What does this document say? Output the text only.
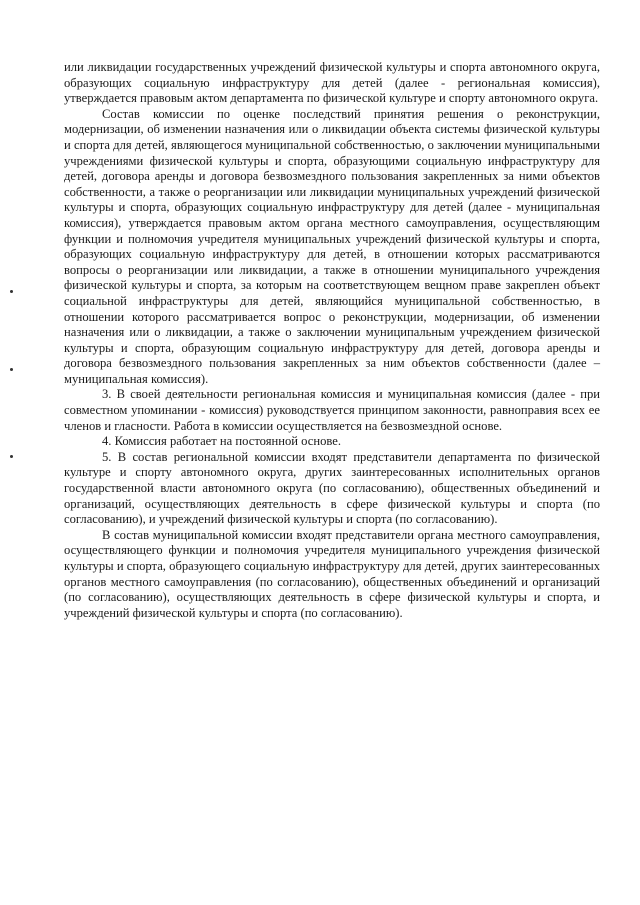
или ликвидации государственных учреждений физической культуры и спорта автономного округа, образующих социальную инфраструктуру для детей (далее - региональная комиссия), утверждается правовым актом департамента по физической культуре и спорту автономного округа.

Состав комиссии по оценке последствий принятия решения о реконструкции, модернизации, об изменении назначения или о ликвидации объекта системы физической культуры и спорта для детей, являющегося муниципальной собственностью, о заключении муниципальными учреждениями физической культуры и спорта, образующими социальную инфраструктуру для детей, договора аренды и договора безвозмездного пользования закрепленных за ними объектов собственности, а также о реорганизации или ликвидации муниципальных учреждений физической культуры и спорта, образующих социальную инфраструктуру для детей (далее - муниципальная комиссия), утверждается правовым актом органа местного самоуправления, осуществляющим функции и полномочия учредителя муниципальных учреждений физической культуры и спорта, образующих социальную инфраструктуру для детей, в отношении которых рассматриваются вопросы о реорганизации или ликвидации, а также в отношении муниципального учреждения физической культуры и спорта, за которым на соответствующем вещном праве закреплен объект социальной инфраструктуры для детей, являющийся муниципальной собственностью, в отношении которого рассматривается вопрос о реконструкции, модернизации, об изменении назначения или о ликвидации, а также о заключении муниципальным учреждением физической культуры и спорта, образующим социальную инфраструктуру для детей, договора аренды и договора безвозмездного пользования закрепленных за ним объектов собственности (далее – муниципальная комиссия).

3. В своей деятельности региональная комиссия и муниципальная комиссия (далее - при совместном упоминании - комиссия) руководствуется принципом законности, равноправия всех ее членов и гласности. Работа в комиссии осуществляется на безвозмездной основе.

4. Комиссия работает на постоянной основе.

5. В состав региональной комиссии входят представители департамента по физической культуре и спорту автономного округа, других заинтересованных исполнительных органов государственной власти автономного округа (по согласованию), общественных объединений и организаций, осуществляющих деятельность в сфере физической культуры и спорта (по согласованию), и учреждений физической культуры и спорта (по согласованию).

В состав муниципальной комиссии входят представители органа местного самоуправления, осуществляющего функции и полномочия учредителя муниципального учреждения физической культуры и спорта, образующего социальную инфраструктуру для детей, других заинтересованных органов местного самоуправления (по согласованию), общественных объединений и организаций (по согласованию), осуществляющих деятельность в сфере физической культуры и спорта, и учреждений физической культуры и спорта (по согласованию).
